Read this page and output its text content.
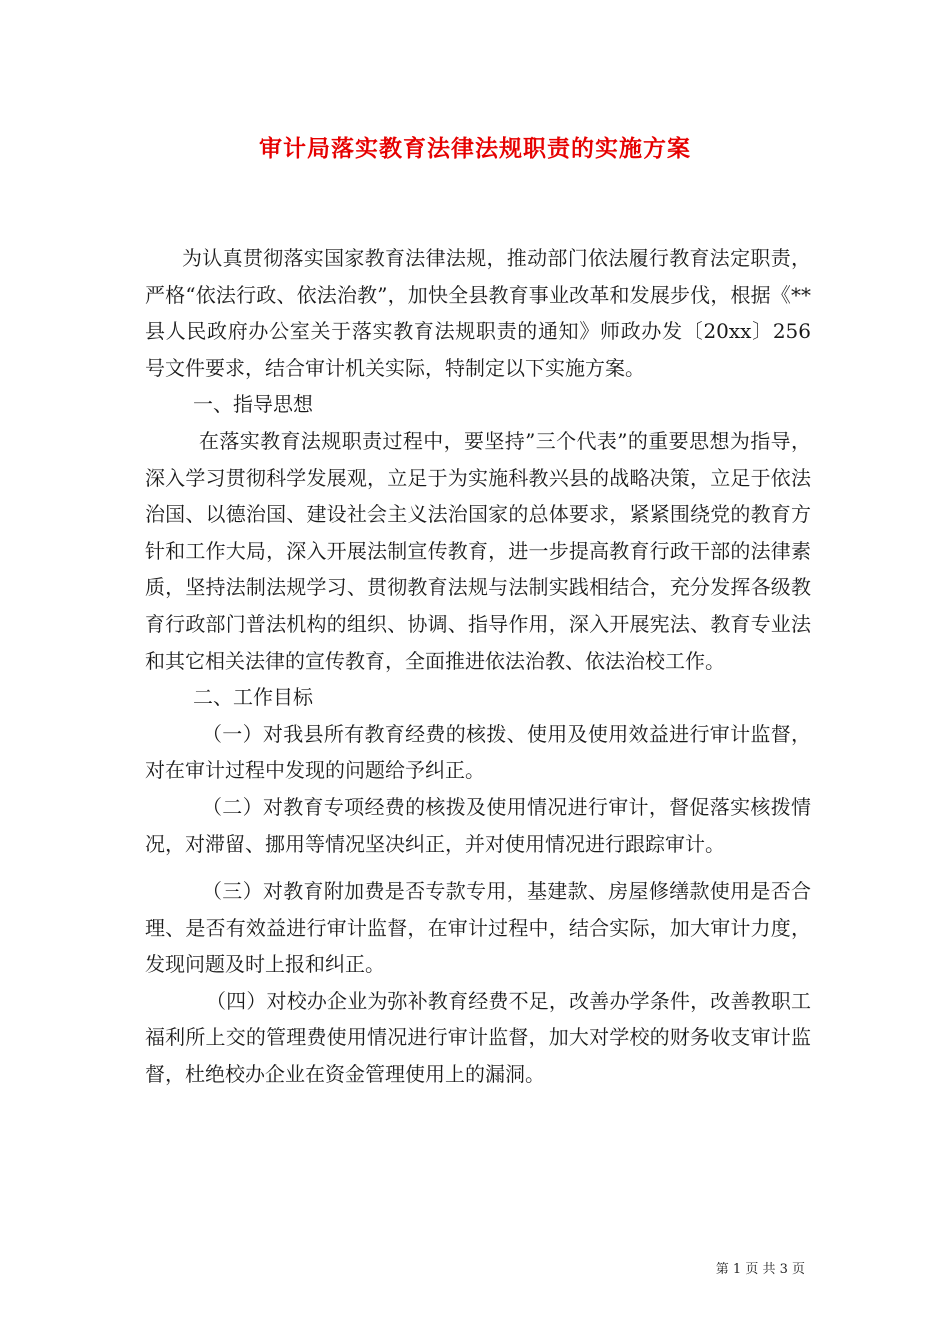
审计局落实教育法律法规职责的实施方案

为认真贯彻落实国家教育法律法规，推动部门依法履行教育法定职责，严格“依法行政、依法治教”，加快全县教育事业改革和发展步伐，根据《**县人民政府办公室关于落实教育法规职责的通知》师政办发〔20xx〕256号文件要求，结合审计机关实际，特制定以下实施方案。

一、指导思想

在落实教育法规职责过程中，要坚持”三个代表”的重要思想为指导，深入学习贯彻科学发展观，立足于为实施科教兴县的战略决策，立足于依法治国、以德治国、建设社会主义法治国家的总体要求，紧紧围绕党的教育方针和工作大局，深入开展法制宣传教育，进一步提高教育行政干部的法律素质，坚持法制法规学习、贯彻教育法规与法制实践相结合，充分发挥各级教育行政部门普法机构的组织、协调、指导作用，深入开展宪法、教育专业法和其它相关法律的宣传教育，全面推进依法治教、依法治校工作。

二、工作目标

（一）对我县所有教育经费的核拨、使用及使用效益进行审计监督，对在审计过程中发现的问题给予纠正。

（二）对教育专项经费的核拨及使用情况进行审计，督促落实核拨情况，对滞留、挪用等情况坚决纠正，并对使用情况进行跟踪审计。

（三）对教育附加费是否专款专用，基建款、房屋修缮款使用是否合理、是否有效益进行审计监督，在审计过程中，结合实际，加大审计力度，发现问题及时上报和纠正。

（四）对校办企业为弥补教育经费不足，改善办学条件，改善教职工福利所上交的管理费使用情况进行审计监督，加大对学校的财务收支审计监督，杜绝校办企业在资金管理使用上的漏洞。

第 1 页 共 3 页
